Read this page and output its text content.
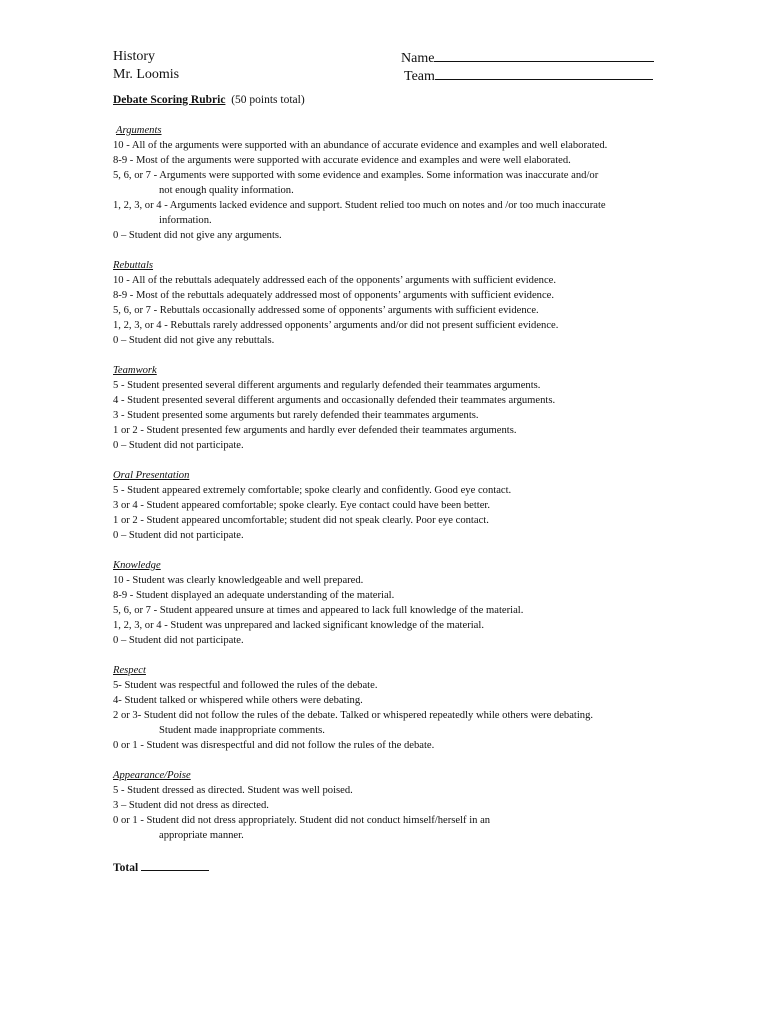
History
Mr. Loomis
Name
Team
Debate Scoring Rubric (50 points total)
Arguments
10 - All of the arguments were supported with an abundance of accurate evidence and examples and well elaborated.
8-9 - Most of the arguments were supported with accurate evidence and examples and were well elaborated.
5, 6, or 7 - Arguments were supported with some evidence and examples. Some information was inaccurate and/or
not enough quality information.
1, 2, 3, or 4 - Arguments lacked evidence and support. Student relied too much on notes and /or too much inaccurate
information.
0 – Student did not give any arguments.
Rebuttals
10 - All of the rebuttals adequately addressed each of the opponents’ arguments with sufficient evidence.
8-9 - Most of the rebuttals adequately addressed most of opponents’ arguments with sufficient evidence.
5, 6, or 7 - Rebuttals occasionally addressed some of opponents’ arguments with sufficient evidence.
1, 2, 3, or 4 - Rebuttals rarely addressed opponents’ arguments and/or did not present sufficient evidence.
0 – Student did not give any rebuttals.
Teamwork
5 - Student presented several different arguments and regularly defended their teammates arguments.
4 - Student presented several different arguments and occasionally defended their teammates arguments.
3 - Student presented some arguments but rarely defended their teammates arguments.
1 or 2 - Student presented few arguments and hardly ever defended their teammates arguments.
0 – Student did not participate.
Oral Presentation
5 - Student appeared extremely comfortable; spoke clearly and confidently. Good eye contact.
3 or 4 - Student appeared comfortable; spoke clearly. Eye contact could have been better.
1 or 2 - Student appeared uncomfortable; student did not speak clearly. Poor eye contact.
0 – Student did not participate.
Knowledge
10 - Student was clearly knowledgeable and well prepared.
8-9 - Student displayed an adequate understanding of the material.
5, 6, or 7 - Student appeared unsure at times and appeared to lack full knowledge of the material.
1, 2, 3, or 4 - Student was unprepared and lacked significant knowledge of the material.
0 – Student did not participate.
Respect
5- Student was respectful and followed the rules of the debate.
4- Student talked or whispered while others were debating.
2 or 3- Student did not follow the rules of the debate. Talked or whispered repeatedly while others were debating.
Student made inappropriate comments.
0 or 1 - Student was disrespectful and did not follow the rules of the debate.
Appearance/Poise
5 - Student dressed as directed. Student was well poised.
3 – Student did not dress as directed.
0 or 1 - Student did not dress appropriately. Student did not conduct himself/herself in an
appropriate manner.
Total
